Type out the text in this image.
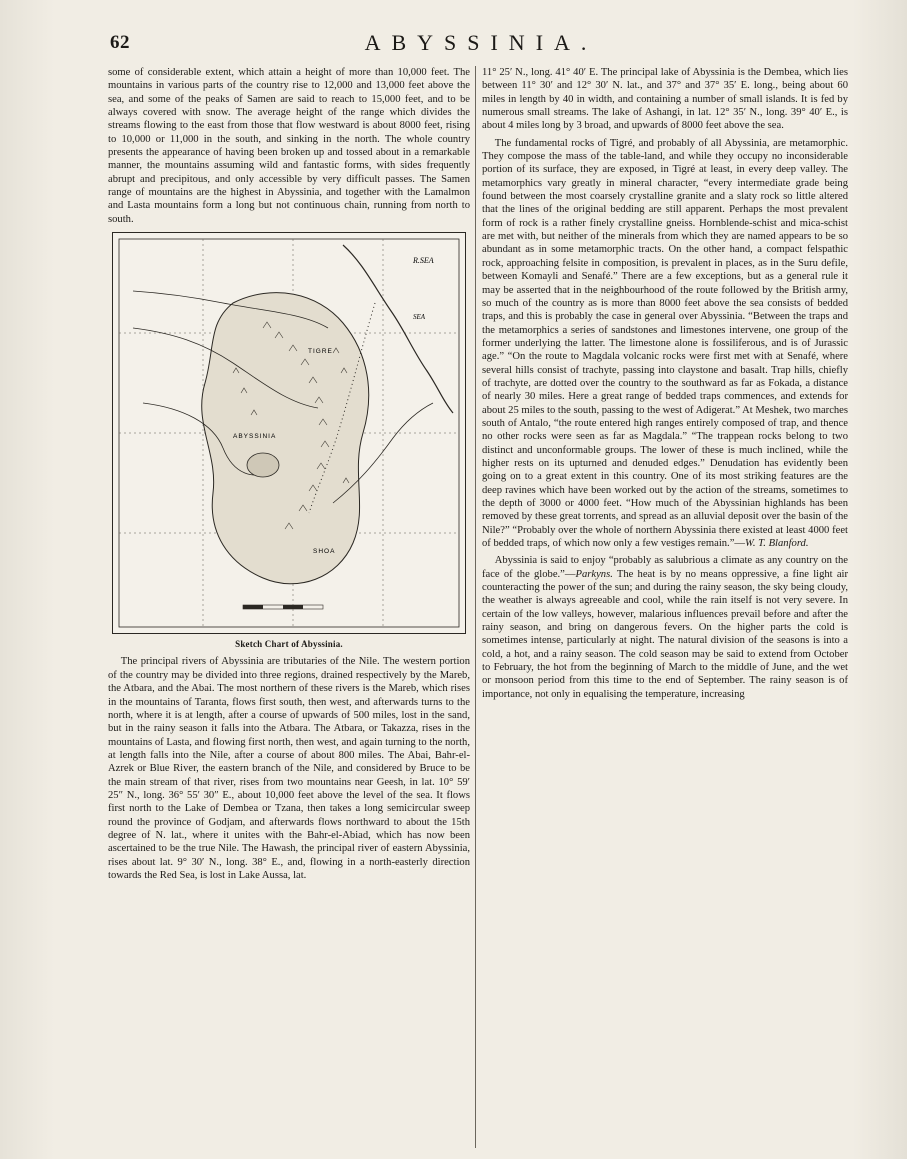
62	ABYSSINIA.

some of considerable extent, which attain a height of more than 10,000 feet. The mountains in various parts of the country rise to 12,000 and 13,000 feet above the sea, and some of the peaks of Samen are said to reach to 15,000 feet, and to be always covered with snow. The average height of the range which divides the streams flowing to the east from those that flow westward is about 8000 feet, rising to 10,000 or 11,000 in the south, and sinking in the north. The whole country presents the appearance of having been broken up and tossed about in a remarkable manner, the mountains assuming wild and fantastic forms, with sides frequently abrupt and precipitous, and only accessible by very difficult passes. The Samen range of mountains are the highest in Abyssinia, and together with the Lamalmon and Lasta mountains form a long but not continuous chain, running from north to south.

R.SEA
SEA
TIGRE
ABYSSINIA
SHOA
Sketch Chart of Abyssinia.

The principal rivers of Abyssinia are tributaries of the Nile. The western portion of the country may be divided into three regions, drained respectively by the Mareb, the Atbara, and the Abai. The most northern of these rivers is the Mareb, which rises in the mountains of Taranta, flows first south, then west, and afterwards turns to the north, where it is at length, after a course of upwards of 500 miles, lost in the sand, but in the rainy season it falls into the Atbara. The Atbara, or Takazza, rises in the mountains of Lasta, and flowing first north, then west, and again turning to the north, at length falls into the Nile, after a course of about 800 miles. The Abai, Bahr-el-Azrek or Blue River, the eastern branch of the Nile, and considered by Bruce to be the main stream of that river, rises from two mountains near Geesh, in lat. 10° 59′ 25″ N., long. 36° 55′ 30″ E., about 10,000 feet above the level of the sea. It flows first north to the Lake of Dembea or Tzana, then takes a long semicircular sweep round the province of Godjam, and afterwards flows northward to about the 15th degree of N. lat., where it unites with the Bahr-el-Abiad, which has now been ascertained to be the true Nile. The Hawash, the principal river of eastern Abyssinia, rises about lat. 9° 30′ N., long. 38° E., and, flowing in a north-easterly direction towards the Red Sea, is lost in Lake Aussa, lat.

11° 25′ N., long. 41° 40′ E. The principal lake of Abyssinia is the Dembea, which lies between 11° 30′ and 12° 30′ N. lat., and 37° and 37° 35′ E. long., being about 60 miles in length by 40 in width, and containing a number of small islands. It is fed by numerous small streams. The lake of Ashangi, in lat. 12° 35′ N., long. 39° 40′ E., is about 4 miles long by 3 broad, and upwards of 8000 feet above the sea.

The fundamental rocks of Tigré, and probably of all Abyssinia, are metamorphic. They compose the mass of the table-land, and while they occupy no inconsiderable portion of its surface, they are exposed, in Tigré at least, in every deep valley. The metamorphics vary greatly in mineral character, “every intermediate grade being found between the most coarsely crystalline granite and a slaty rock so little altered that the lines of the original bedding are still apparent. Perhaps the most prevalent form of rock is a rather finely crystalline gneiss. Hornblende-schist and mica-schist are met with, but neither of the minerals from which they are named appears to be so abundant as in some metamorphic tracts. On the other hand, a compact felspathic rock, approaching felsite in composition, is prevalent in places, as in the Suru defile, between Komayli and Senafé.” There are a few exceptions, but as a general rule it may be asserted that in the neighbourhood of the route followed by the British army, so much of the country as is more than 8000 feet above the sea consists of bedded traps, and this is probably the case in general over Abyssinia. “Between the traps and the metamorphics a series of sandstones and limestones intervene, one group of the former underlying the latter. The limestone alone is fossiliferous, and is of Jurassic age.” “On the route to Magdala volcanic rocks were first met with at Senafé, where several hills consist of trachyte, passing into claystone and basalt. Trap hills, chiefly of trachyte, are dotted over the country to the southward as far as Fokada, a distance of nearly 30 miles. Here a great range of bedded traps commences, and extends for about 25 miles to the south, passing to the west of Adigerat.” At Meshek, two marches south of Antalo, “the route entered high ranges entirely composed of trap, and thence no other rocks were seen as far as Magdala.” “The trappean rocks belong to two distinct and unconformable groups. The lower of these is much inclined, while the higher rests on its upturned and denuded edges.” Denudation has evidently been going on to a great extent in this country. One of its most striking features are the deep ravines which have been worked out by the action of the streams, sometimes to the depth of 3000 or 4000 feet. “How much of the Abyssinian highlands has been removed by these great torrents, and spread as an alluvial deposit over the basin of the Nile?” “Probably over the whole of northern Abyssinia there existed at least 4000 feet of bedded traps, of which now only a few vestiges remain.”—W. T. Blanford.

Abyssinia is said to enjoy “probably as salubrious a climate as any country on the face of the globe.”—Parkyns. The heat is by no means oppressive, a fine light air counteracting the power of the sun; and during the rainy season, the sky being cloudy, the weather is always agreeable and cool, while the rain itself is not very severe. In certain of the low valleys, however, malarious influences prevail before and after the rainy season, and bring on dangerous fevers. On the higher parts the cold is sometimes intense, particularly at night. The natural division of the seasons is into a cold, a hot, and a rainy season. The cold season may be said to extend from October to February, the hot from the beginning of March to the middle of June, and the wet or monsoon period from this time to the end of September. The rainy season is of importance, not only in equalising the temperature, increasing
